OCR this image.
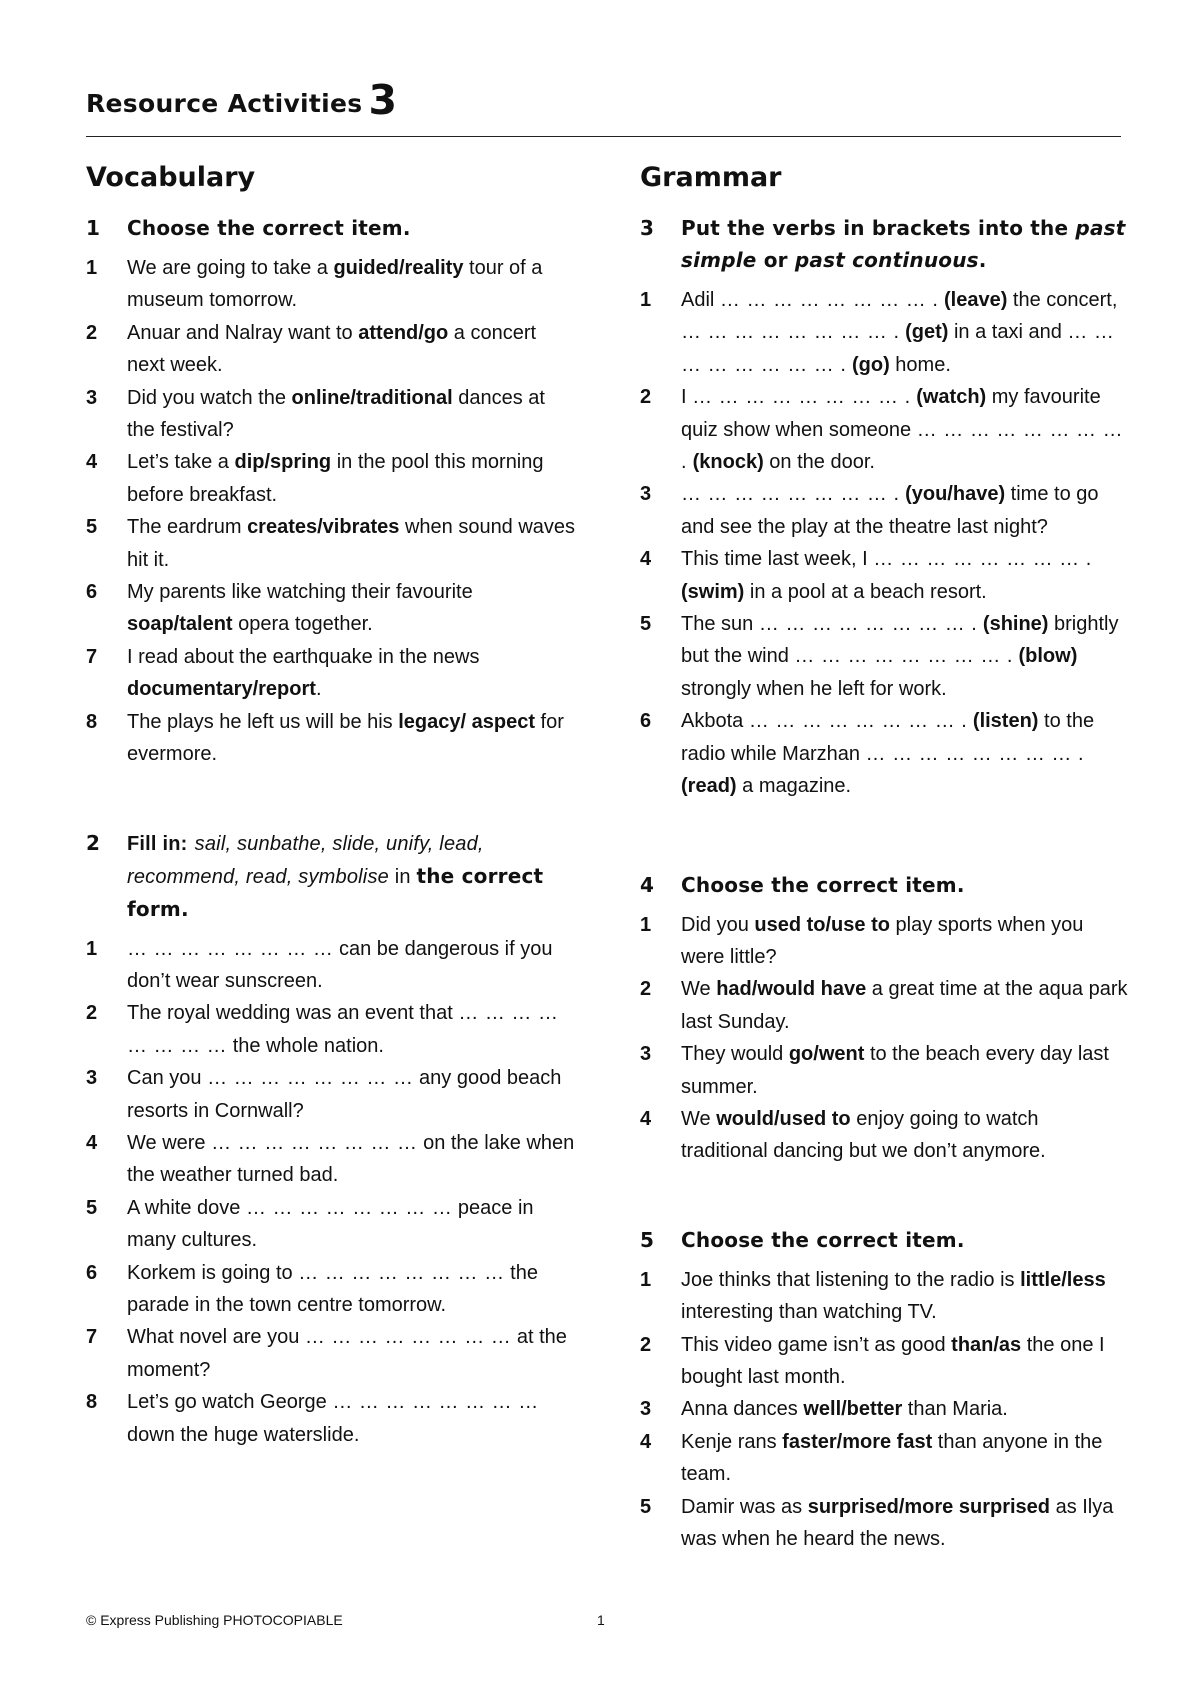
Resource Activities 3
Vocabulary
1	Choose the correct item.
1	We are going to take a guided/reality tour of a museum tomorrow.
2	Anuar and Nalray want to attend/go a concert next week.
3	Did you watch the online/traditional dances at the festival?
4	Let’s take a dip/spring in the pool this morning before breakfast.
5	The eardrum creates/vibrates when sound waves hit it.
6	My parents like watching their favourite soap/talent opera together.
7	I read about the earthquake in the news documentary/report.
8	The plays he left us will be his legacy/ aspect for evermore.
2	Fill in: sail, sunbathe, slide, unify, lead, recommend, read, symbolise in the correct form.
1	… … … … … … … … can be dangerous if you don’t wear sunscreen.
2	The royal wedding was an event that … … … … … … … … the whole nation.
3	Can you … … … … … … … … any good beach resorts in Cornwall?
4	We were … … … … … … … … on the lake when the weather turned bad.
5	A white dove … … … … … … … … peace in many cultures.
6	Korkem is going to … … … … … … … … the parade in the town centre tomorrow.
7	What novel are you … … … … … … … … at the moment?
8	Let’s go watch George … … … … … … … … down the huge waterslide.
Grammar
3	Put the verbs in brackets into the past simple or past continuous.
1	Adil … … … … … … … … . (leave) the concert, … … … … … … … … . (get) in a taxi and … … … … … … … … . (go) home.
2	I … … … … … … … … . (watch) my favourite quiz show when someone … … … … … … … … . (knock) on the door.
3	… … … … … … … … . (you/have) time to go and see the play at the theatre last night?
4	This time last week, I … … … … … … … … . (swim) in a pool at a beach resort.
5	The sun … … … … … … … … . (shine) brightly but the wind … … … … … … … … . (blow) strongly when he left for work.
6	Akbota … … … … … … … … . (listen) to the radio while Marzhan … … … … … … … … . (read) a magazine.
4	Choose the correct item.
1	Did you used to/use to play sports when you were little?
2	We had/would have a great time at the aqua park last Sunday.
3	They would go/went to the beach every day last summer.
4	We would/used to enjoy going to watch traditional dancing but we don’t anymore.
5	Choose the correct item.
1	Joe thinks that listening to the radio is little/less interesting than watching TV.
2	This video game isn’t as good than/as the one I bought last month.
3	Anna dances well/better than Maria.
4	Kenje rans faster/more fast than anyone in the team.
5	Damir was as surprised/more surprised as Ilya was when he heard the news.
© Express Publishing PHOTOCOPIABLE	1
